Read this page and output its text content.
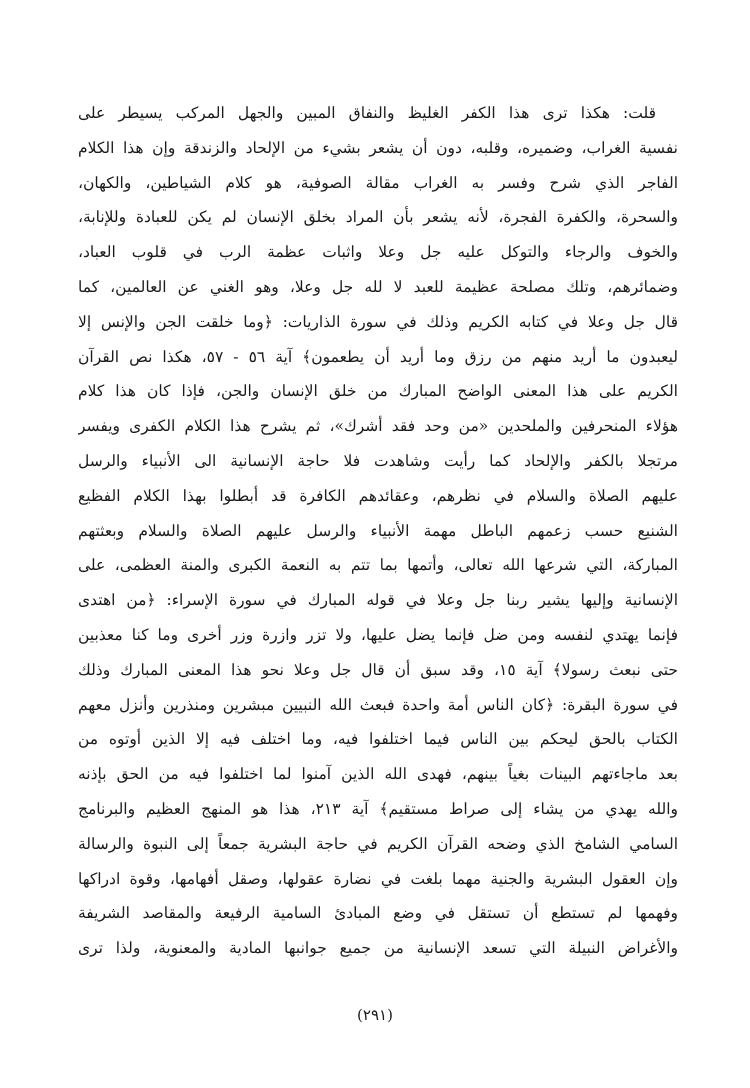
قلت: هكذا ترى هذا الكفر الغليظ والنفاق المبين والجهل المركب يسيطر على
نفسية الغراب، وضميره، وقلبه، دون أن يشعر بشيء من الإلحاد والزندقة وإن هذا الكلام
الفاجر الذي شرح وفسر به الغراب مقالة الصوفية، هو كلام الشياطين، والكهان،
والسحرة، والكفرة الفجرة، لأنه يشعر بأن المراد بخلق الإنسان لم يكن للعبادة وللإنابة،
والخوف والرجاء والتوكل عليه جل وعلا واثبات عظمة الرب في قلوب العباد،
وضمائرهم، وتلك مصلحة عظيمة للعبد لا لله جل وعلا، وهو الغني عن العالمين، كما
قال جل وعلا في كتابه الكريم وذلك في سورة الذاريات: ﴿وما خلقت الجن والإنس إلا
ليعبدون ما أريد منهم من رزق وما أريد أن يطعمون﴾ آية ٥٦ - ٥٧، هكذا نص القرآن
الكريم على هذا المعنى الواضح المبارك من خلق الإنسان والجن، فإذا كان هذا كلام
هؤلاء المنحرفين والملحدين «من وحد فقد أشرك»، ثم يشرح هذا الكلام الكفرى ويفسر
مرتجلا بالكفر والإلحاد كما رأيت وشاهدت فلا حاجة الإنسانية الى الأنبياء والرسل
عليهم الصلاة والسلام في نظرهم، وعقائدهم الكافرة قد أبطلوا بهذا الكلام الفظيع
الشنيع حسب زعمهم الباطل مهمة الأنبياء والرسل عليهم الصلاة والسلام وبعثتهم
المباركة، التي شرعها الله تعالى، وأتمها بما تتم به النعمة الكبرى والمنة العظمى، على
الإنسانية وإليها يشير ربنا جل وعلا في قوله المبارك في سورة الإسراء: ﴿من اهتدى
فإنما يهتدي لنفسه ومن ضل فإنما يضل عليها، ولا تزر وازرة وزر أخرى وما كنا معذبين
حتى نبعث رسولا﴾ آية ١٥، وقد سبق أن قال جل وعلا نحو هذا المعنى المبارك وذلك
في سورة البقرة: ﴿كان الناس أمة واحدة فبعث الله النبيين مبشرين ومنذرين وأنزل معهم
الكتاب بالحق ليحكم بين الناس فيما اختلفوا فيه، وما اختلف فيه إلا الذين أوتوه من
بعد ماجاءتهم البينات بغياً بينهم، فهدى الله الذين آمنوا لما اختلفوا فيه من الحق بإذنه
والله يهدي من يشاء إلى صراط مستقيم﴾ آية ٢١٣، هذا هو المنهج العظيم والبرنامج
السامي الشامخ الذي وضحه القرآن الكريم في حاجة البشرية جمعاً إلى النبوة والرسالة
وإن العقول البشرية والجنية مهما بلغت في نضارة عقولها، وصقل أفهامها، وقوة ادراكها
وفهمها لم تستطع أن تستقل في وضع المبادئ السامية الرفيعة والمقاصد الشريفة
والأغراض النبيلة التي تسعد الإنسانية من جميع جوانبها المادية والمعنوية، ولذا ترى
(٢٩١)
